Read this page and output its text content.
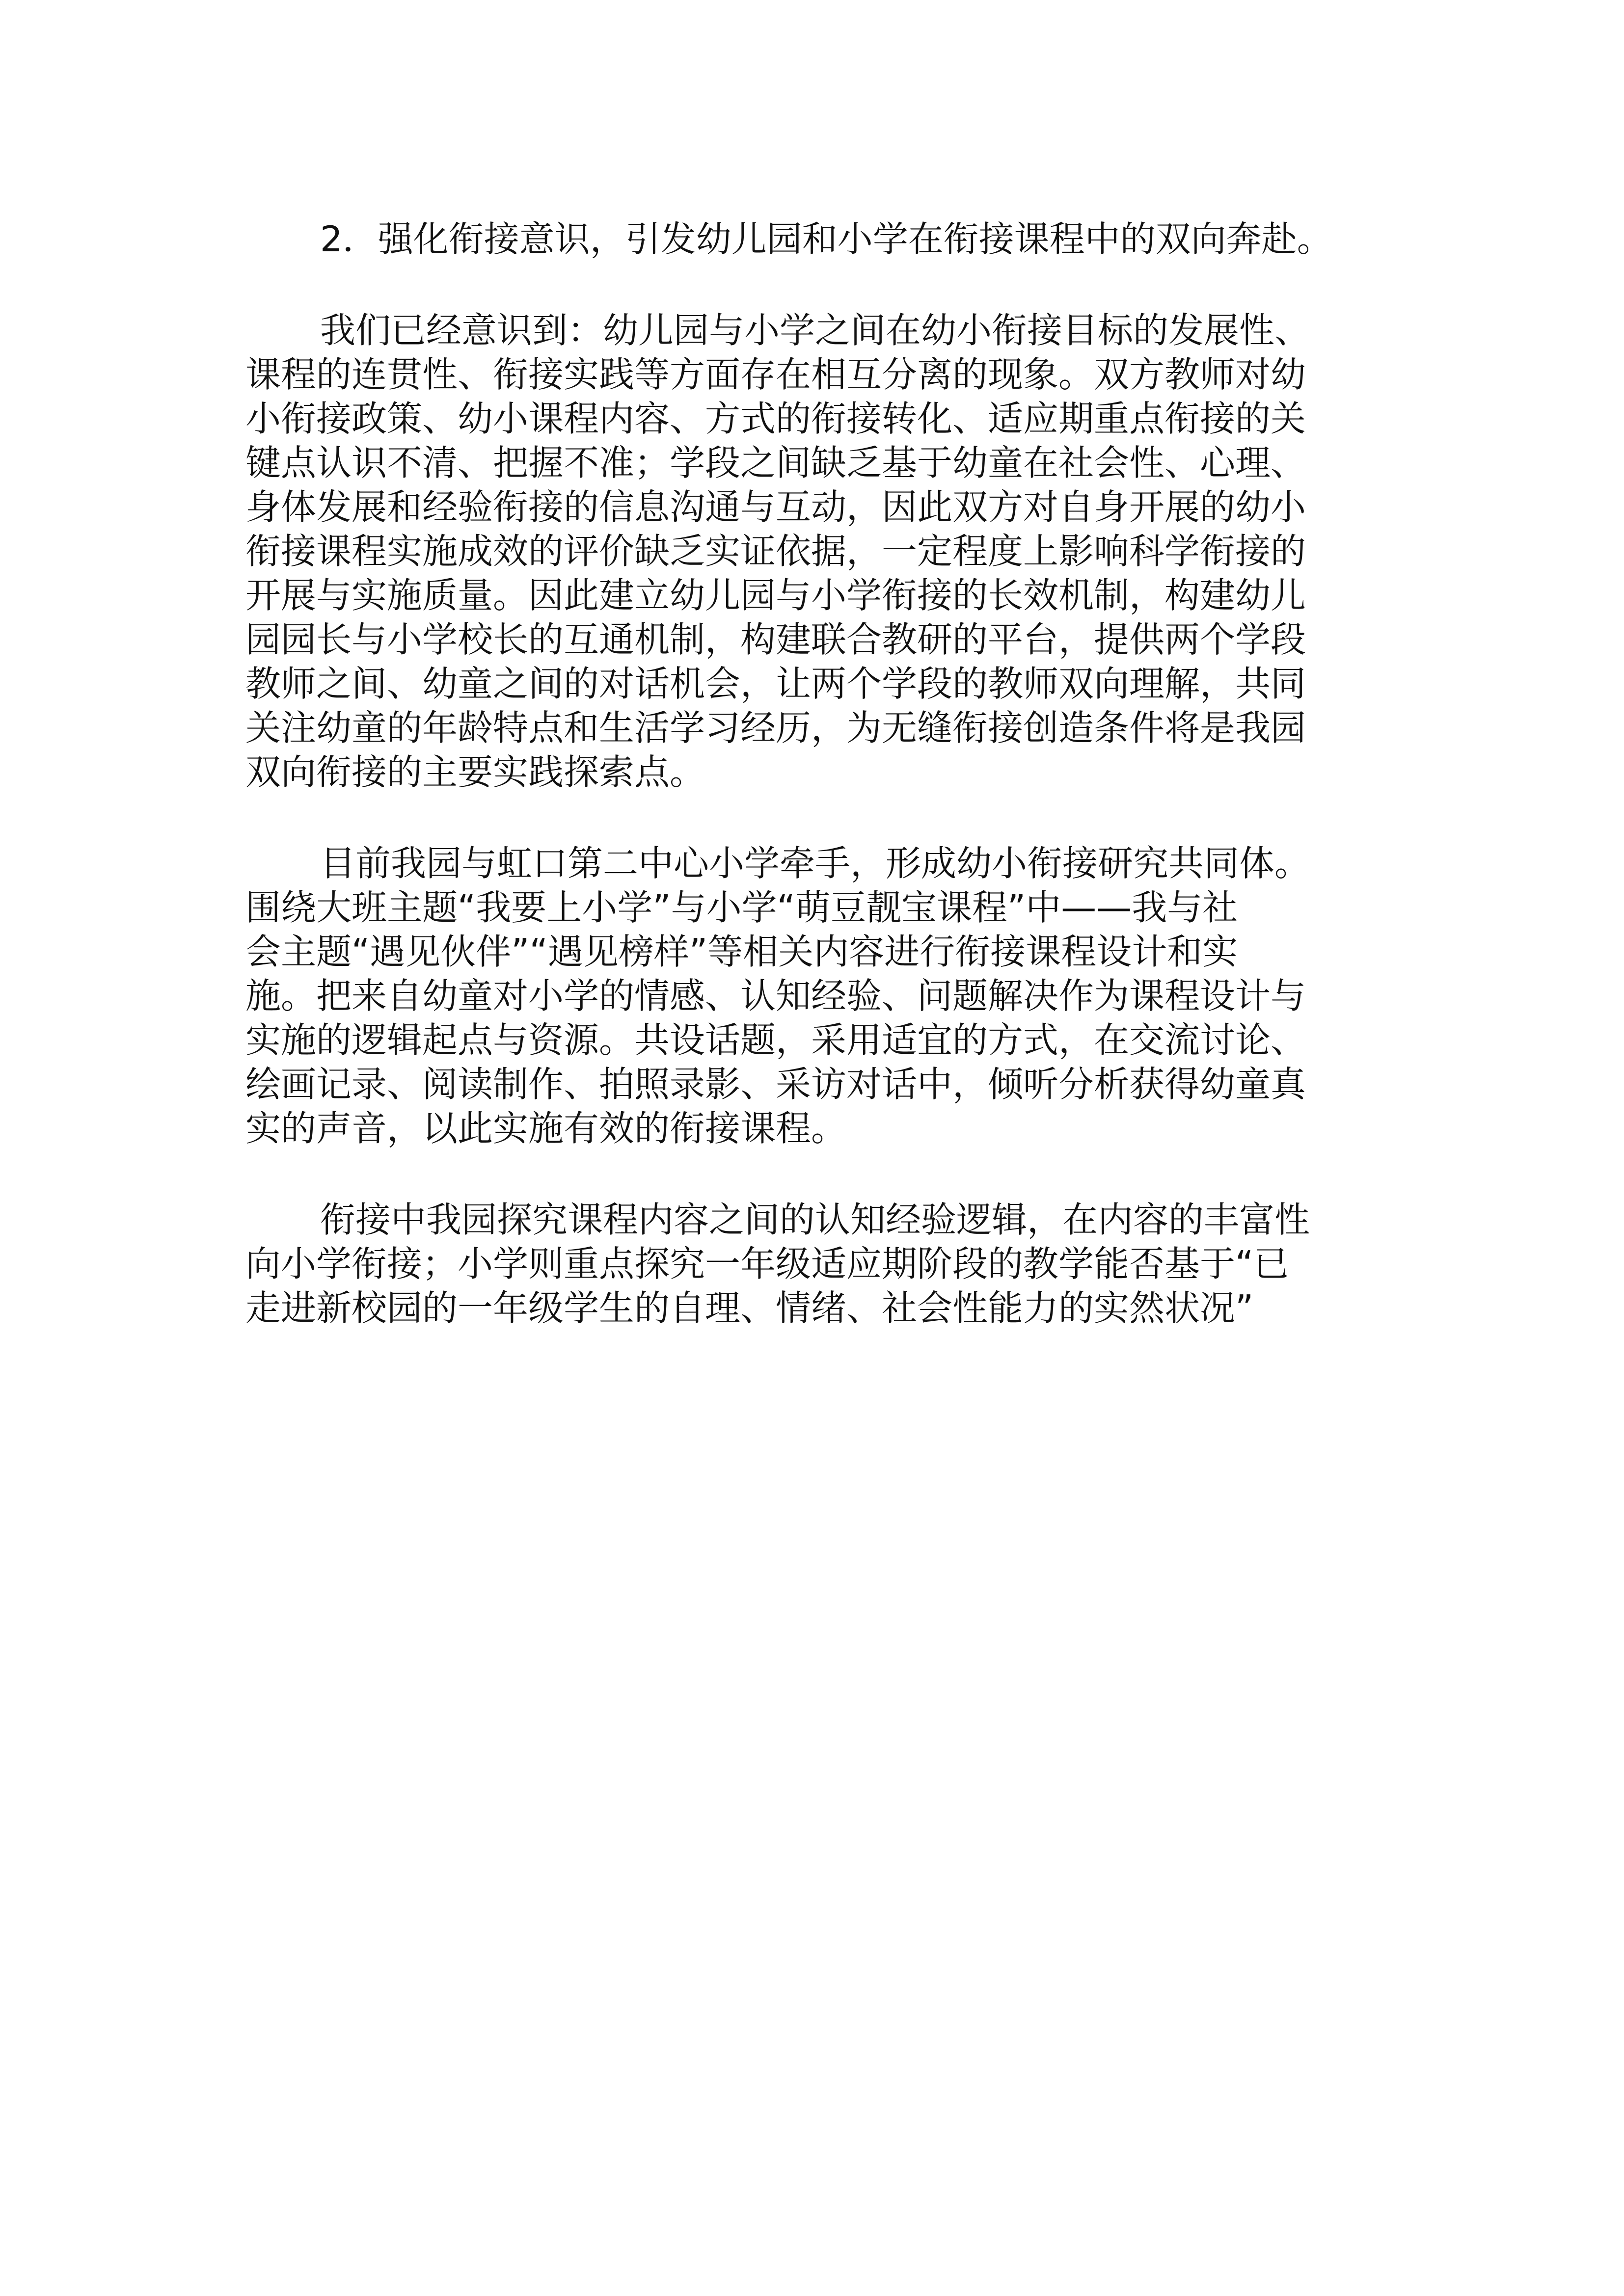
2．强化衔接意识，引发幼儿园和小学在衔接课程中的双向奔赴。

我们已经意识到：幼儿园与小学之间在幼小衔接目标的发展性、
课程的连贯性、衔接实践等方面存在相互分离的现象。双方教师对幼
小衔接政策、幼小课程内容、方式的衔接转化、适应期重点衔接的关
键点认识不清、把握不准；学段之间缺乏基于幼童在社会性、心理、
身体发展和经验衔接的信息沟通与互动，因此双方对自身开展的幼小
衔接课程实施成效的评价缺乏实证依据，一定程度上影响科学衔接的
开展与实施质量。因此建立幼儿园与小学衔接的长效机制，构建幼儿
园园长与小学校长的互通机制，构建联合教研的平台，提供两个学段
教师之间、幼童之间的对话机会，让两个学段的教师双向理解，共同
关注幼童的年龄特点和生活学习经历，为无缝衔接创造条件将是我园
双向衔接的主要实践探索点。

目前我园与虹口第二中心小学牵手，形成幼小衔接研究共同体。
围绕大班主题“我要上小学”与小学“萌豆靓宝课程”中——我与社
会主题“遇见伙伴”“遇见榜样”等相关内容进行衔接课程设计和实
施。把来自幼童对小学的情感、认知经验、问题解决作为课程设计与
实施的逻辑起点与资源。共设话题，采用适宜的方式，在交流讨论、
绘画记录、阅读制作、拍照录影、采访对话中，倾听分析获得幼童真
实的声音，以此实施有效的衔接课程。

衔接中我园探究课程内容之间的认知经验逻辑，在内容的丰富性
向小学衔接；小学则重点探究一年级适应期阶段的教学能否基于“已
走进新校园的一年级学生的自理、情绪、社会性能力的实然状况”
